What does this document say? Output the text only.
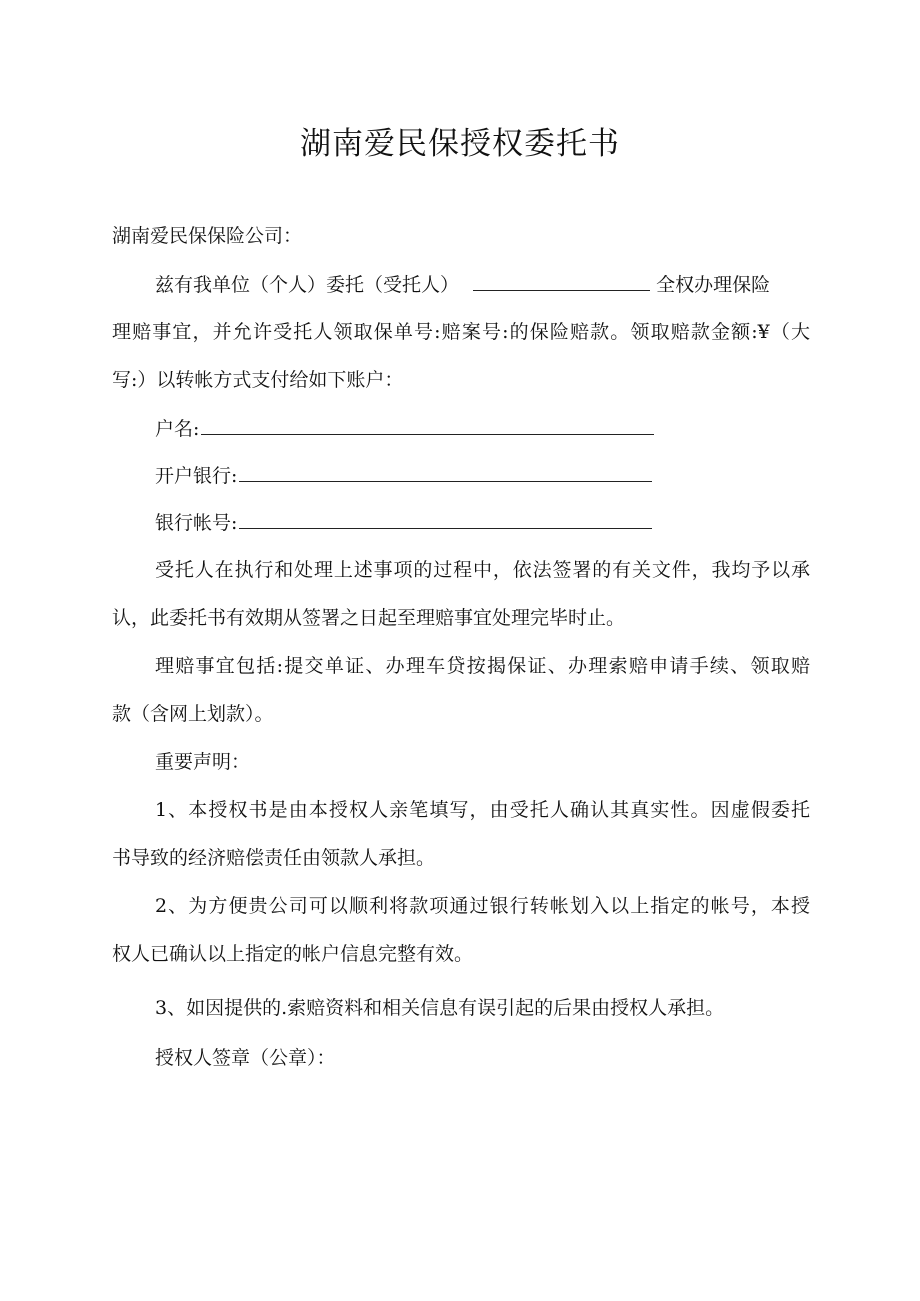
湖南爱民保授权委托书

湖南爱民保保险公司：

兹有我单位（个人）委托（受托人）	全权办理保险

理赔事宜，并允许受托人领取保单号:赔案号:的保险赔款。领取赔款金额:¥（大

写:）以转帐方式支付给如下账户：

户名:

开户银行:

银行帐号:

受托人在执行和处理上述事项的过程中，依法签署的有关文件，我均予以承

认，此委托书有效期从签署之日起至理赔事宜处理完毕时止。

理赔事宜包括:提交单证、办理车贷按揭保证、办理索赔申请手续、领取赔

款（含网上划款）。

重要声明：

1、本授权书是由本授权人亲笔填写，由受托人确认其真实性。因虚假委托

书导致的经济赔偿责任由领款人承担。

2、为方便贵公司可以顺利将款项通过银行转帐划入以上指定的帐号，本授

权人已确认以上指定的帐户信息完整有效。

3、如因提供的.索赔资料和相关信息有误引起的后果由授权人承担。

授权人签章（公章）：
